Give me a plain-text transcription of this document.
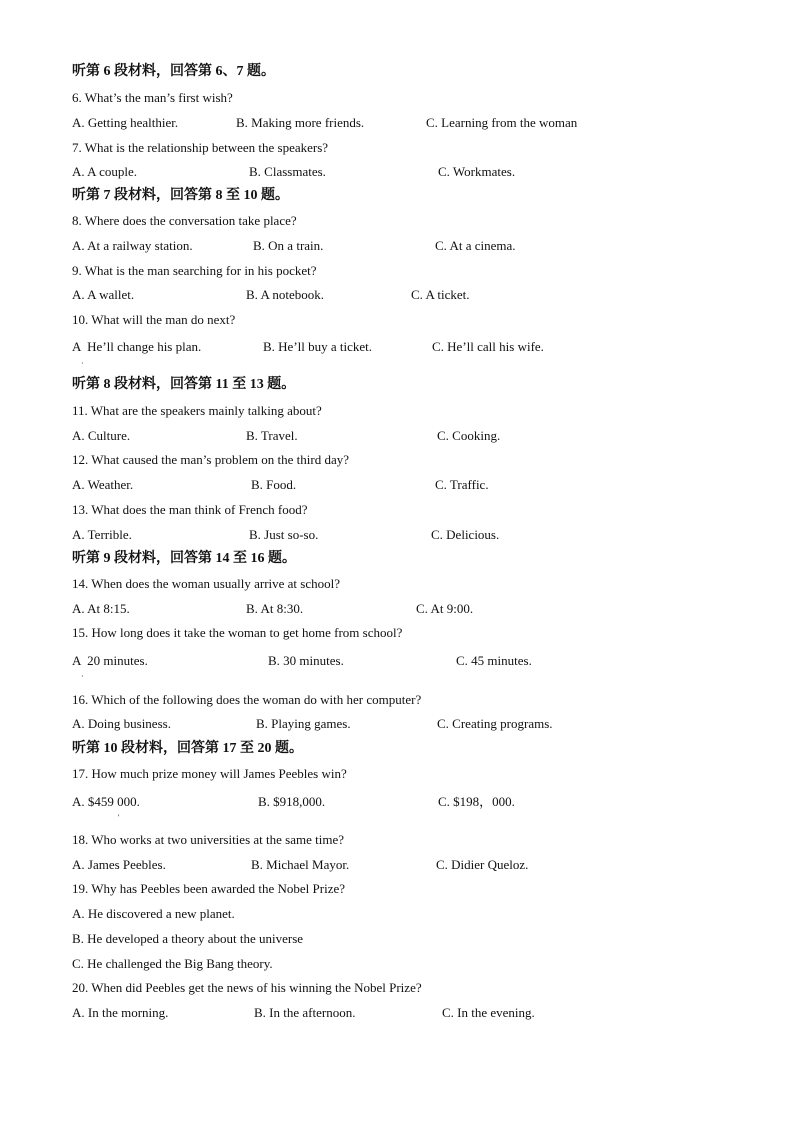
听第 6 段材料，回答第 6、7 题。
6. What’s the man’s first wish?
A. Getting healthier.	B. Making more friends.	C. Learning from the woman
7. What is the relationship between the speakers?
A. A couple.	B. Classmates.	C. Workmates.
听第 7 段材料，回答第 8 至 10 题。
8. Where does the conversation take place?
A. At a railway station.	B. On a train.	C. At a cinema.
9. What is the man searching for in his pocket?
A. A wallet.	B. A notebook.	C. A ticket.
10. What will the man do next?
A  He’ll change his plan.
·
B. He’ll buy a ticket.	C. He’ll call his wife.
听第 8 段材料，回答第 11 至 13 题。
11. What are the speakers mainly talking about?
A. Culture.	B. Travel.	C. Cooking.
12. What caused the man’s problem on the third day?
A. Weather.	B. Food.	C. Traffic.
13. What does the man think of French food?
A. Terrible.	B. Just so-so.	C. Delicious.
听第 9 段材料，回答第 14 至 16 题。
14. When does the woman usually arrive at school?
A. At 8:15.	B. At 8:30.	C. At 9:00.
15. How long does it take the woman to get home from school?
A  20 minutes.
·
B. 30 minutes.	C. 45 minutes.
16. Which of the following does the woman do with her computer?
A. Doing business.	B. Playing games.	C. Creating programs.
听第 10 段材料，回答第 17 至 20 题。
17. How much prize money will James Peebles win?
A. $459 000.
'
B. $918,000.	C. $198，000.
18. Who works at two universities at the same time?
A. James Peebles.	B. Michael Mayor.	C. Didier Queloz.
19. Why has Peebles been awarded the Nobel Prize?
A. He discovered a new planet.
B. He developed a theory about the universe
C. He challenged the Big Bang theory.
20. When did Peebles get the news of his winning the Nobel Prize?
A. In the morning.	B. In the afternoon.	C. In the evening.
